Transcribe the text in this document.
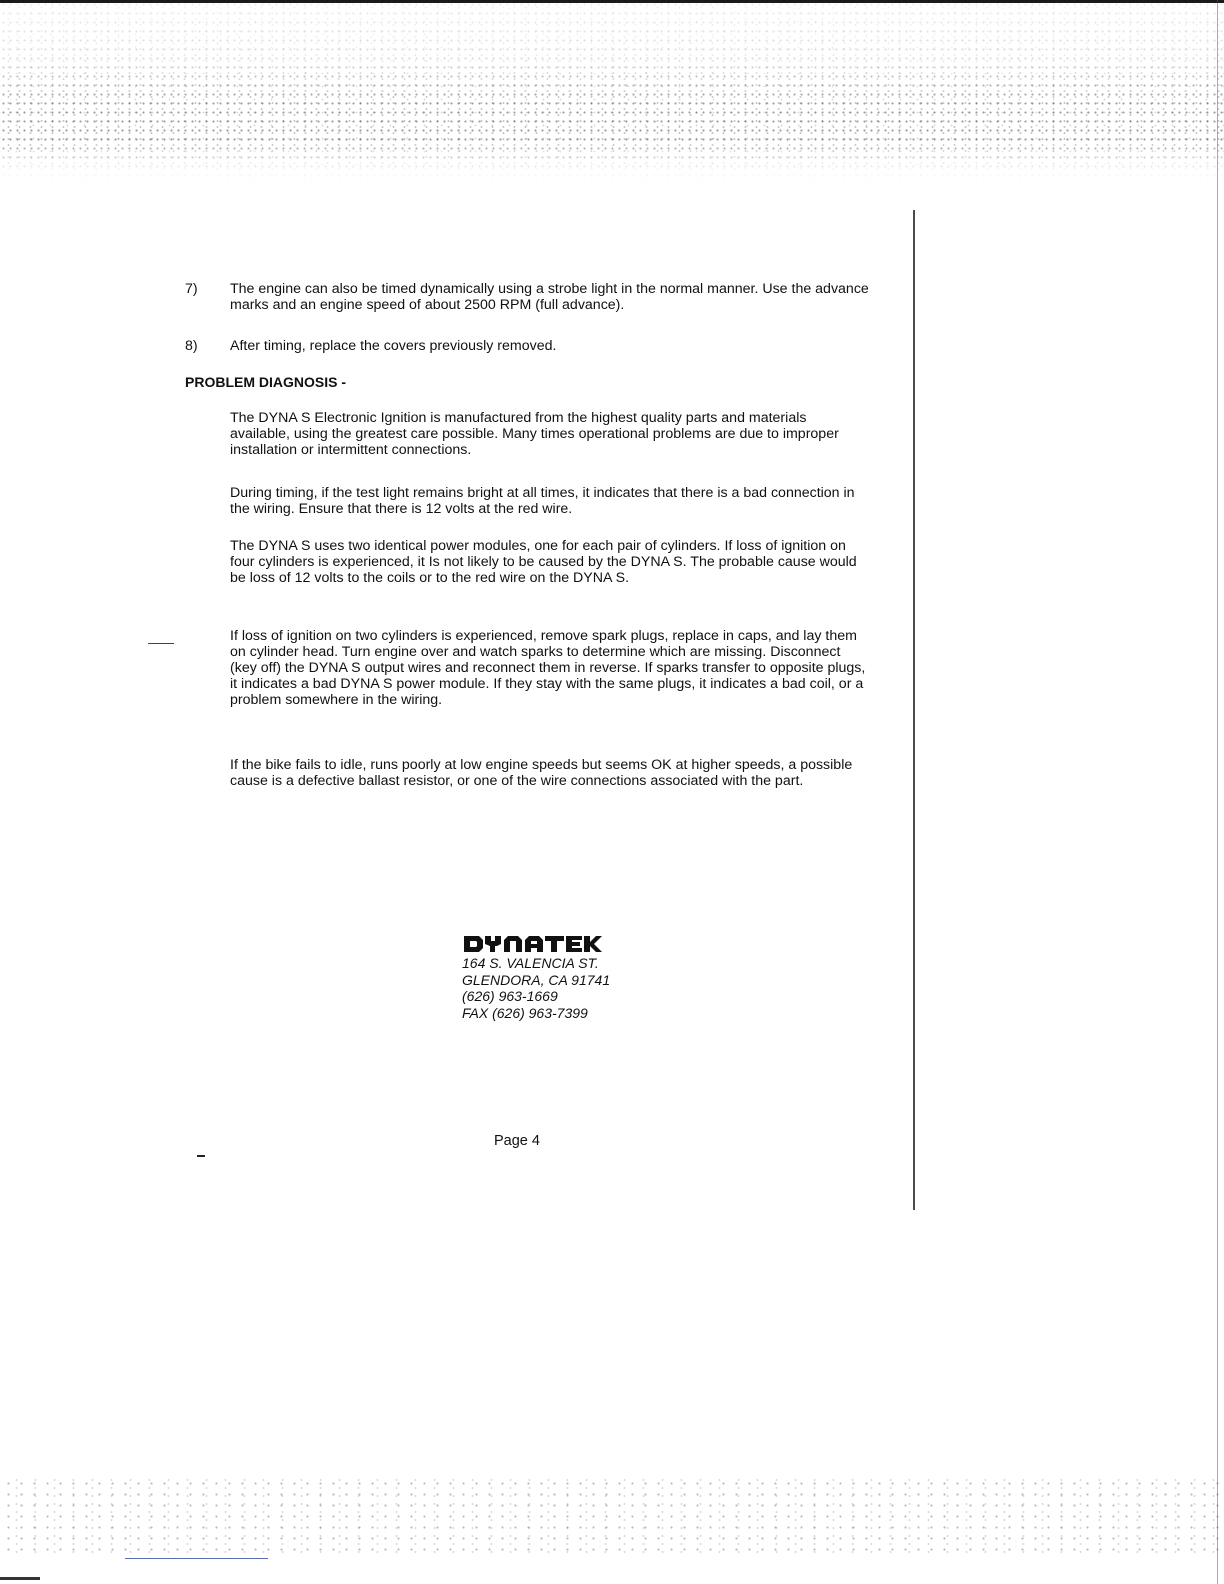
7)	The engine can also be timed dynamically using a strobe light in the normal manner. Use the advance marks and an engine speed of about 2500 RPM (full advance).
8)	After timing, replace the covers previously removed.
PROBLEM DIAGNOSIS -
The DYNA S Electronic Ignition is manufactured from the highest quality parts and materials available, using the greatest care possible. Many times operational problems are due to improper installation or intermittent connections.
During timing, if the test light remains bright at all times, it indicates that there is a bad connection in the wiring. Ensure that there is 12 volts at the red wire.
The DYNA S uses two identical power modules, one for each pair of cylinders. If loss of ignition on four cylinders is experienced, it Is not likely to be caused by the DYNA S. The probable cause would be loss of 12 volts to the coils or to the red wire on the DYNA S.
If loss of ignition on two cylinders is experienced, remove spark plugs, replace in caps, and lay them on cylinder head. Turn engine over and watch sparks to determine which are missing. Disconnect (key off) the DYNA S output wires and reconnect them in reverse. If sparks transfer to opposite plugs, it indicates a bad DYNA S power module. If they stay with the same plugs, it indicates a bad coil, or a problem somewhere in the wiring.
If the bike fails to idle, runs poorly at low engine speeds but seems OK at higher speeds, a possible cause is a defective ballast resistor, or one of the wire connections associated with the part.
164 S. VALENCIA ST.
GLENDORA, CA 91741
(626) 963-1669
FAX (626) 963-7399
Page 4
